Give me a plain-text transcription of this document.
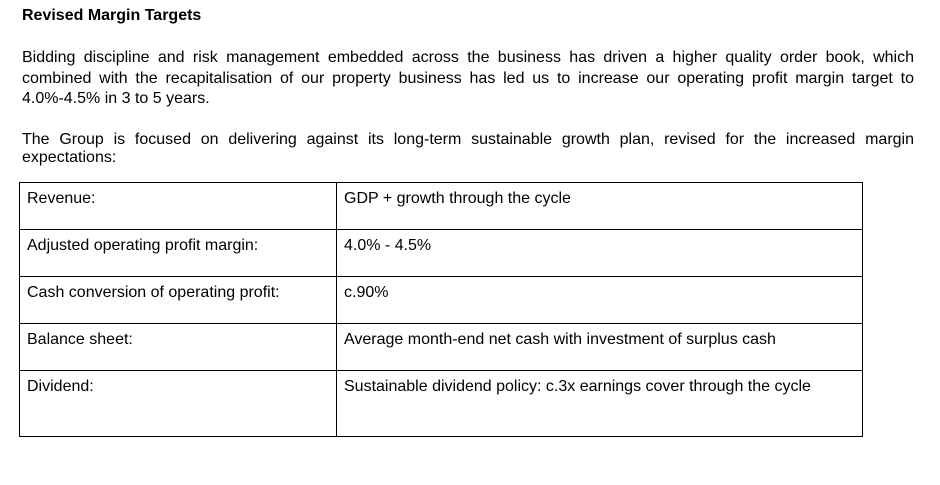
Revised Margin Targets

Bidding discipline and risk management embedded across the business has driven a higher quality order book, which combined with the recapitalisation of our property business has led us to increase our operating profit margin target to 4.0%-4.5% in 3 to 5 years.

The Group is focused on delivering against its long-term sustainable growth plan, revised for the increased margin expectations:

Revenue:	GDP + growth through the cycle
Adjusted operating profit margin:	4.0% - 4.5%
Cash conversion of operating profit:	c.90%
Balance sheet:	Average month-end net cash with investment of surplus cash
Dividend:	Sustainable dividend policy: c.3x earnings cover through the cycle
